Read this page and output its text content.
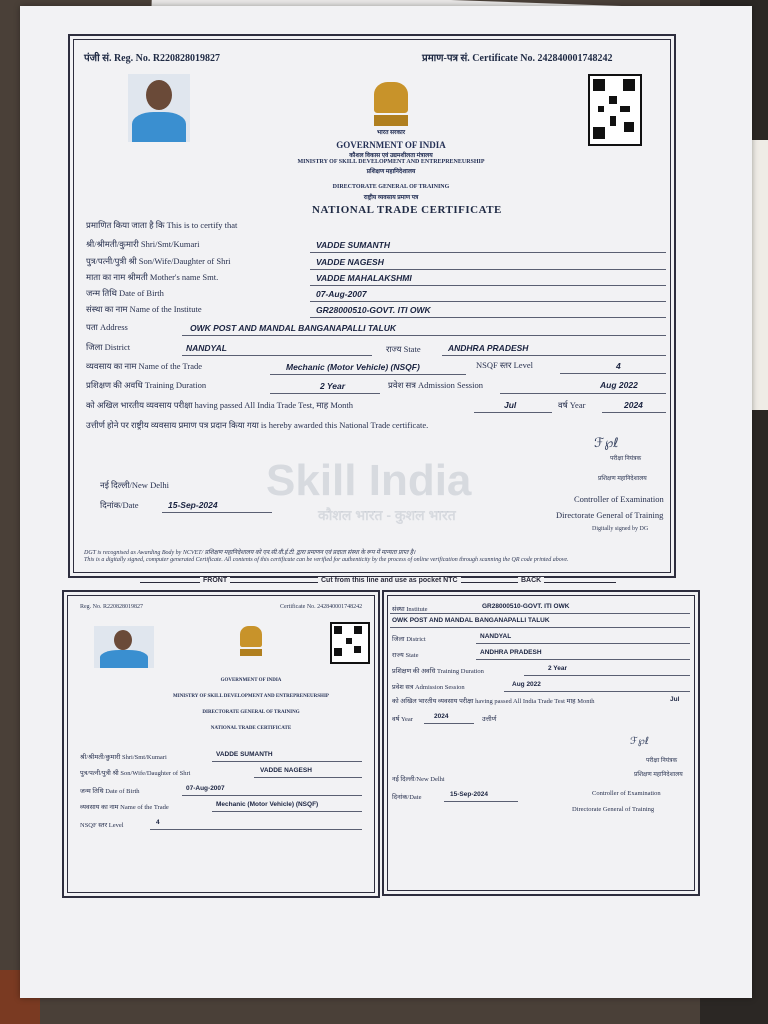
Skill India
कौशल भारत - कुशल भारत
पंजी सं. Reg. No. R220828019827	प्रमाण-पत्र सं. Certificate No. 242840001748242
भारत सरकार
GOVERNMENT OF INDIA
कौशल विकास एवं उद्यमशीलता मंत्रालय
MINISTRY OF SKILL DEVELOPMENT AND ENTREPRENEURSHIP
प्रशिक्षण महानिदेशालय
DIRECTORATE GENERAL OF TRAINING
राष्ट्रीय व्यवसाय प्रमाण पत्र
NATIONAL TRADE CERTIFICATE
प्रमाणित किया जाता है कि This is to certify that
श्री/श्रीमती/कुमारी Shri/Smt/Kumari	VADDE SUMANTH
पुत्र/पत्नी/पुत्री श्री Son/Wife/Daughter of Shri	VADDE NAGESH
माता का नाम श्रीमती Mother's name Smt.	VADDE MAHALAKSHMI
जन्म तिथि Date of Birth	07-Aug-2007
संस्था का नाम Name of the Institute	GR28000510-GOVT. ITI OWK
पता Address	OWK POST AND MANDAL BANGANAPALLI TALUK
जिला District	NANDYAL	राज्य State	ANDHRA PRADESH
व्यवसाय का नाम Name of the Trade	Mechanic (Motor Vehicle) (NSQF)	NSQF स्तर Level	4
प्रशिक्षण की अवधि Training Duration	2 Year	प्रवेश सत्र Admission Session	Aug 2022
को अखिल भारतीय व्यवसाय परीक्षा having passed All India Trade Test, माह Month	Jul	वर्ष Year	2024
उत्तीर्ण होने पर राष्ट्रीय व्यवसाय प्रमाण पत्र प्रदान किया गया is hereby awarded this National Trade certificate.
ℱ℘ℓ
परीक्षा नियंत्रक
प्रशिक्षण महानिदेशालय
नई दिल्ली/New Delhi
दिनांक/Date	15-Sep-2024
Controller of Examination
Directorate General of Training
Digitally signed by DG
DGT is recognised as Awarding Body by NCVET/ प्रशिक्षण महानिदेशालय को एन.सी.वी.ई.टी. द्वारा प्रमाणन एवं प्रदाता संस्था के रूप में मान्यता प्राप्त है।
This is a digitally signed, computer generated Certificate. All contents of this certificate can be verified for authenticity by the process of online verification through scanning the QR code printed above.
FRONT	Cut from this line and use as pocket NTC	BACK
Reg. No. R220828019827	Certificate No. 242840001748242
GOVERNMENT OF INDIA
MINISTRY OF SKILL DEVELOPMENT AND ENTREPRENEURSHIP
DIRECTORATE GENERAL OF TRAINING
NATIONAL TRADE CERTIFICATE
श्री/श्रीमती/कुमारी Shri/Smt/Kumari	VADDE SUMANTH
पुत्र/पत्नी/पुत्री श्री Son/Wife/Daughter of Shri	VADDE NAGESH
जन्म तिथि Date of Birth	07-Aug-2007
व्यवसाय का नाम Name of the Trade	Mechanic (Motor Vehicle) (NSQF)
NSQF स्तर Level	4
संस्था Institute	GR28000510-GOVT. ITI OWK
OWK POST AND MANDAL BANGANAPALLI TALUK
जिला District	NANDYAL
राज्य State	ANDHRA PRADESH
प्रशिक्षण की अवधि Training Duration	2 Year
प्रवेश सत्र Admission Session	Aug 2022
को अखिल भारतीय व्यवसाय परीक्षा having passed All India Trade Test माह Month	Jul
वर्ष Year	2024	उत्तीर्ण
ℱ℘ℓ
परीक्षा नियंत्रक
प्रशिक्षण महानिदेशालय
नई दिल्ली/New Delhi
दिनांक/Date	15-Sep-2024	Controller of Examination
Directorate General of Training
